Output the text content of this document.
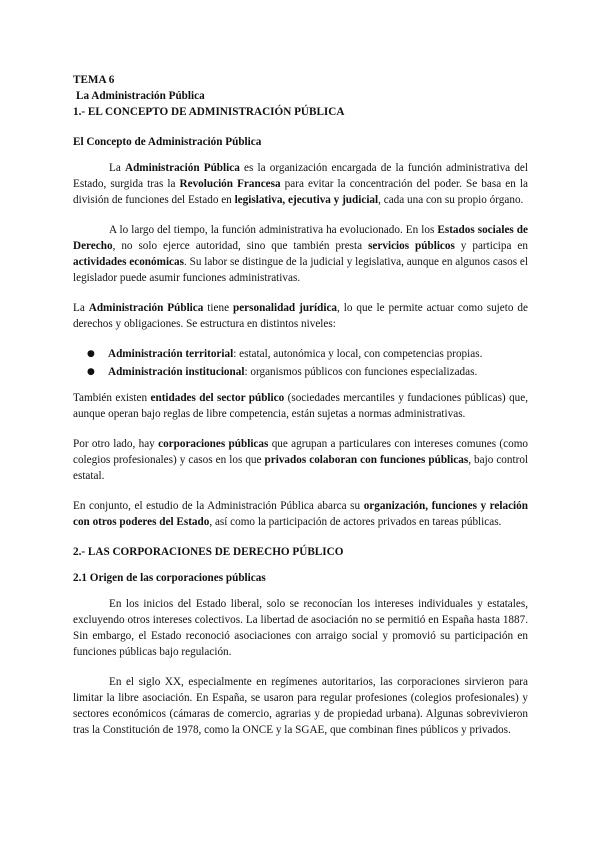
TEMA 6
La Administración Pública
1.- EL CONCEPTO DE ADMINISTRACIÓN PÚBLICA
El Concepto de Administración Pública

La Administración Pública es la organización encargada de la función administrativa del Estado, surgida tras la Revolución Francesa para evitar la concentración del poder. Se basa en la división de funciones del Estado en legislativa, ejecutiva y judicial, cada una con su propio órgano.

A lo largo del tiempo, la función administrativa ha evolucionado. En los Estados sociales de Derecho, no solo ejerce autoridad, sino que también presta servicios públicos y participa en actividades económicas. Su labor se distingue de la judicial y legislativa, aunque en algunos casos el legislador puede asumir funciones administrativas.

La Administración Pública tiene personalidad jurídica, lo que le permite actuar como sujeto de derechos y obligaciones. Se estructura en distintos niveles:

● Administración territorial: estatal, autonómica y local, con competencias propias.
● Administración institucional: organismos públicos con funciones especializadas.

También existen entidades del sector público (sociedades mercantiles y fundaciones públicas) que, aunque operan bajo reglas de libre competencia, están sujetas a normas administrativas.

Por otro lado, hay corporaciones públicas que agrupan a particulares con intereses comunes (como colegios profesionales) y casos en los que privados colaboran con funciones públicas, bajo control estatal.

En conjunto, el estudio de la Administración Pública abarca su organización, funciones y relación con otros poderes del Estado, así como la participación de actores privados en tareas públicas.

2.- LAS CORPORACIONES DE DERECHO PÚBLICO
2.1 Origen de las corporaciones públicas

En los inicios del Estado liberal, solo se reconocían los intereses individuales y estatales, excluyendo otros intereses colectivos. La libertad de asociación no se permitió en España hasta 1887. Sin embargo, el Estado reconoció asociaciones con arraigo social y promovió su participación en funciones públicas bajo regulación.

En el siglo XX, especialmente en regímenes autoritarios, las corporaciones sirvieron para limitar la libre asociación. En España, se usaron para regular profesiones (colegios profesionales) y sectores económicos (cámaras de comercio, agrarias y de propiedad urbana). Algunas sobrevivieron tras la Constitución de 1978, como la ONCE y la SGAE, que combinan fines públicos y privados.
